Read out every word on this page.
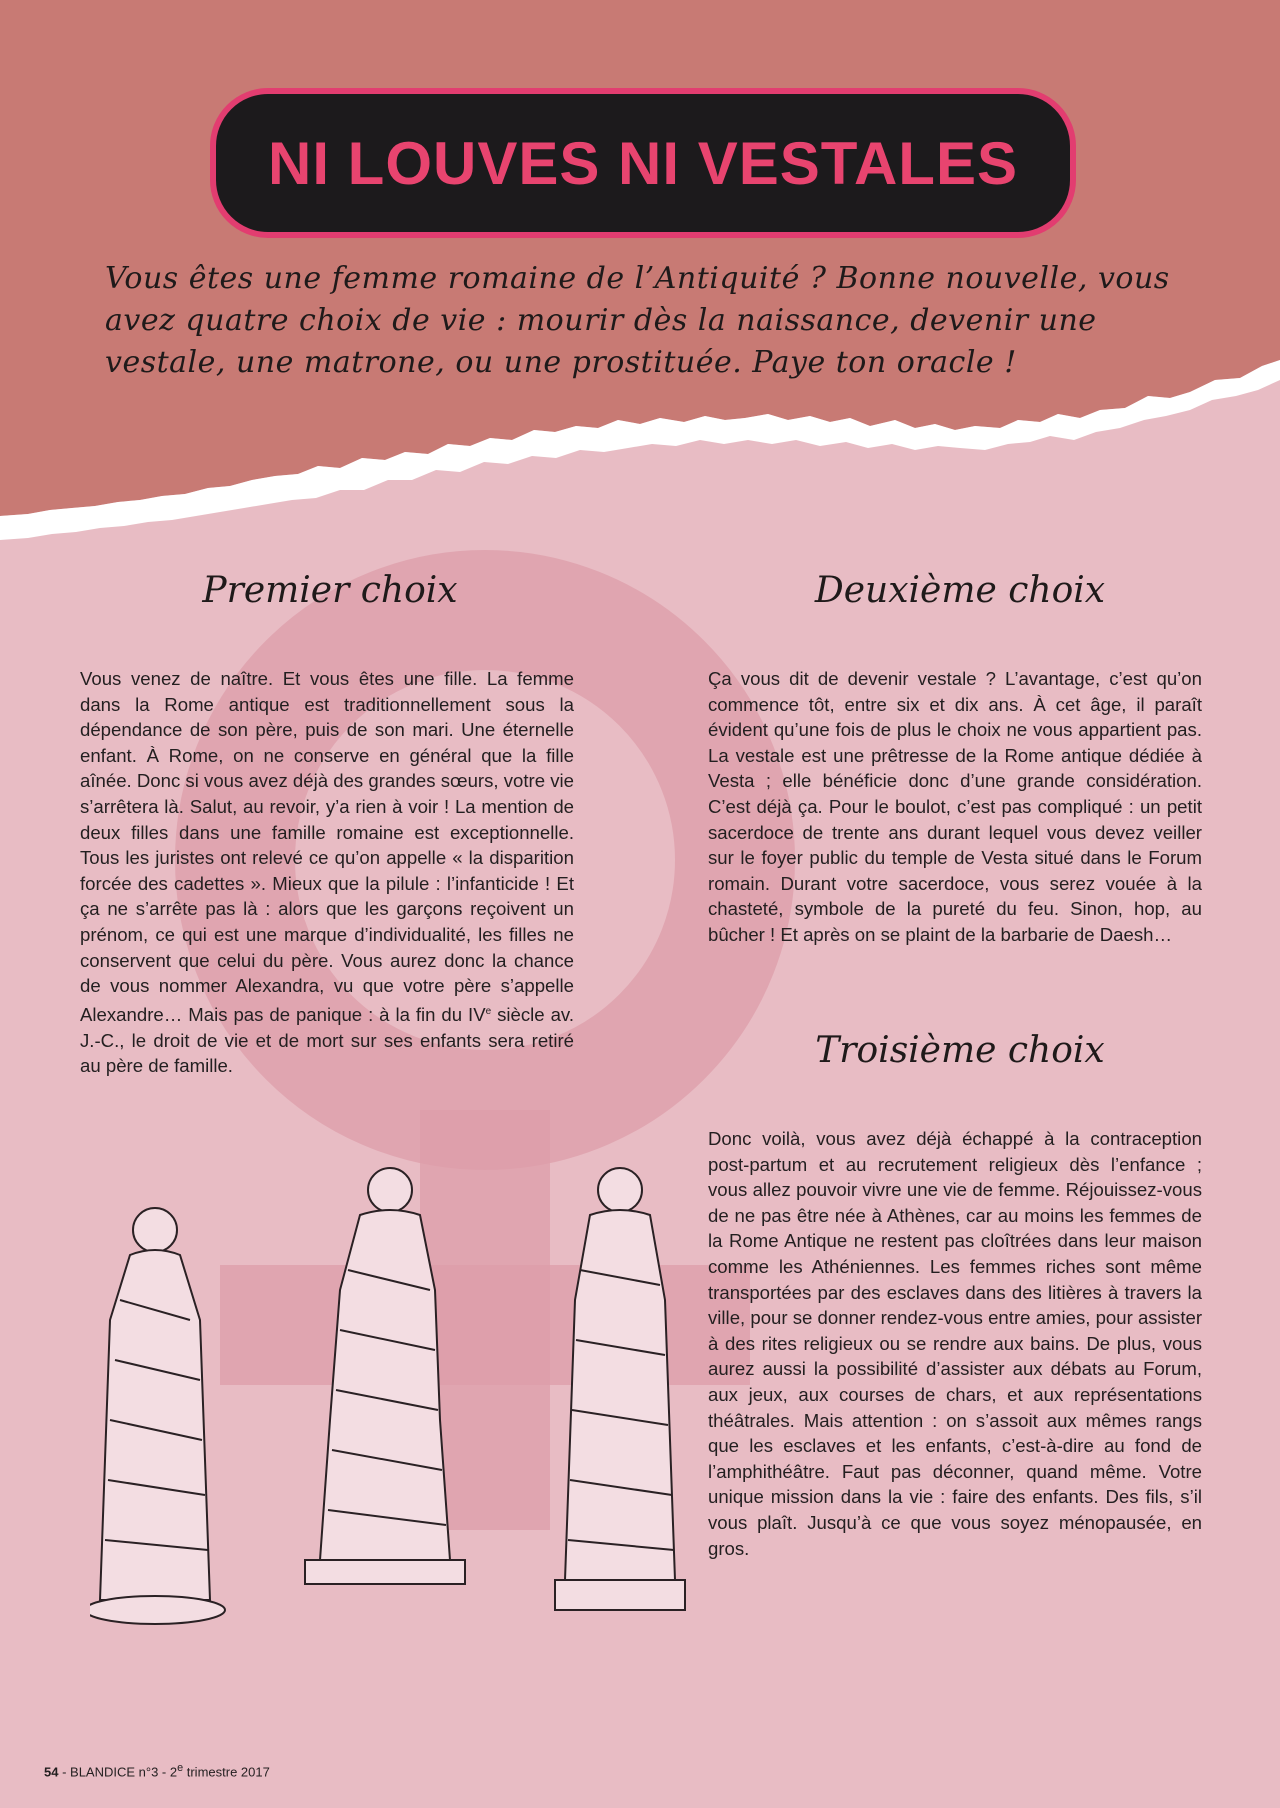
NI LOUVES NI VESTALES
Vous êtes une femme romaine de l’Antiquité ? Bonne nouvelle, vous avez quatre choix de vie : mourir dès la naissance, devenir une vestale, une matrone, ou une prostituée. Paye ton oracle !
Premier choix	Deuxième choix
Troisième choix

Vous venez de naître. Et vous êtes une fille. La femme dans la Rome antique est traditionnellement sous la dépendance de son père, puis de son mari. Une éternelle enfant. À Rome, on ne conserve en général que la fille aînée. Donc si vous avez déjà des grandes sœurs, votre vie s’arrêtera là. Salut, au revoir, y’a rien à voir ! La mention de deux filles dans une famille romaine est exceptionnelle. Tous les juristes ont relevé ce qu’on appelle « la disparition forcée des cadettes ». Mieux que la pilule : l’infanticide ! Et ça ne s’arrête pas là : alors que les garçons reçoivent un prénom, ce qui est une marque d’individualité, les filles ne conservent que celui du père. Vous aurez donc la chance de vous nommer Alexandra, vu que votre père s’appelle Alexandre… Mais pas de panique : à la fin du IVe siècle av. J.-C., le droit de vie et de mort sur ses enfants sera retiré au père de famille.

Ça vous dit de devenir vestale ? L’avantage, c’est qu’on commence tôt, entre six et dix ans. À cet âge, il paraît évident qu’une fois de plus le choix ne vous appartient pas. La vestale est une prêtresse de la Rome antique dédiée à Vesta ; elle bénéficie donc d’une grande considération. C’est déjà ça. Pour le boulot, c’est pas compliqué : un petit sacerdoce de trente ans durant lequel vous devez veiller sur le foyer public du temple de Vesta situé dans le Forum romain. Durant votre sacerdoce, vous serez vouée à la chasteté, symbole de la pureté du feu. Sinon, hop, au bûcher ! Et après on se plaint de la barbarie de Daesh…

Donc voilà, vous avez déjà échappé à la contraception post-partum et au recrutement religieux dès l’enfance ; vous allez pouvoir vivre une vie de femme. Réjouissez-vous de ne pas être née à Athènes, car au moins les femmes de la Rome Antique ne restent pas cloîtrées dans leur maison comme les Athéniennes. Les femmes riches sont même transportées par des esclaves dans des litières à travers la ville, pour se donner rendez-vous entre amies, pour assister à des rites religieux ou se rendre aux bains. De plus, vous aurez aussi la possibilité d’assister aux débats au Forum, aux jeux, aux courses de chars, et aux représentations théâtrales. Mais attention : on s’assoit aux mêmes rangs que les esclaves et les enfants, c’est-à-dire au fond de l’amphithéâtre. Faut pas déconner, quand même. Votre unique mission dans la vie : faire des enfants. Des fils, s’il vous plaît. Jusqu’à ce que vous soyez ménopausée, en gros.

54 - BLANDICE n°3 - 2e trimestre 2017
